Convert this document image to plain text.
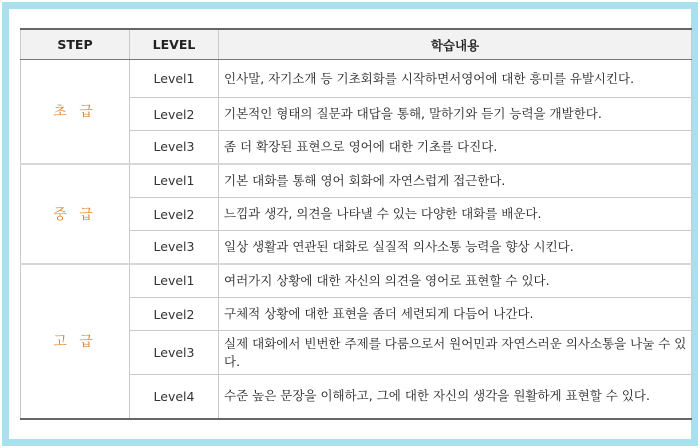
STEP	LEVEL	학습내용
초 급	Level1	인사말, 자기소개 등 기초회화를 시작하면서영어에 대한 흥미를 유발시킨다.
	Level2	기본적인 형태의 질문과 대답을 통해, 말하기와 듣기 능력을 개발한다.
	Level3	좀 더 확장된 표현으로 영어에 대한 기초를 다진다.
중 급	Level1	기본 대화를 통해 영어 회화에 자연스럽게 접근한다.
	Level2	느낌과 생각, 의견을 나타낼 수 있는 다양한 대화를 배운다.
	Level3	일상 생활과 연관된 대화로 실질적 의사소통 능력을 향상 시킨다.
고 급	Level1	여러가지 상황에 대한 자신의 의견을 영어로 표현할 수 있다.
	Level2	구체적 상황에 대한 표현을 좀더 세련되게 다듬어 나간다.
	Level3	실제 대화에서 빈번한 주제를 다룸으로서 원어민과 자연스러운 의사소통을 나눌 수 있다.
	Level4	수준 높은 문장을 이해하고, 그에 대한 자신의 생각을 원활하게 표현할 수 있다.
